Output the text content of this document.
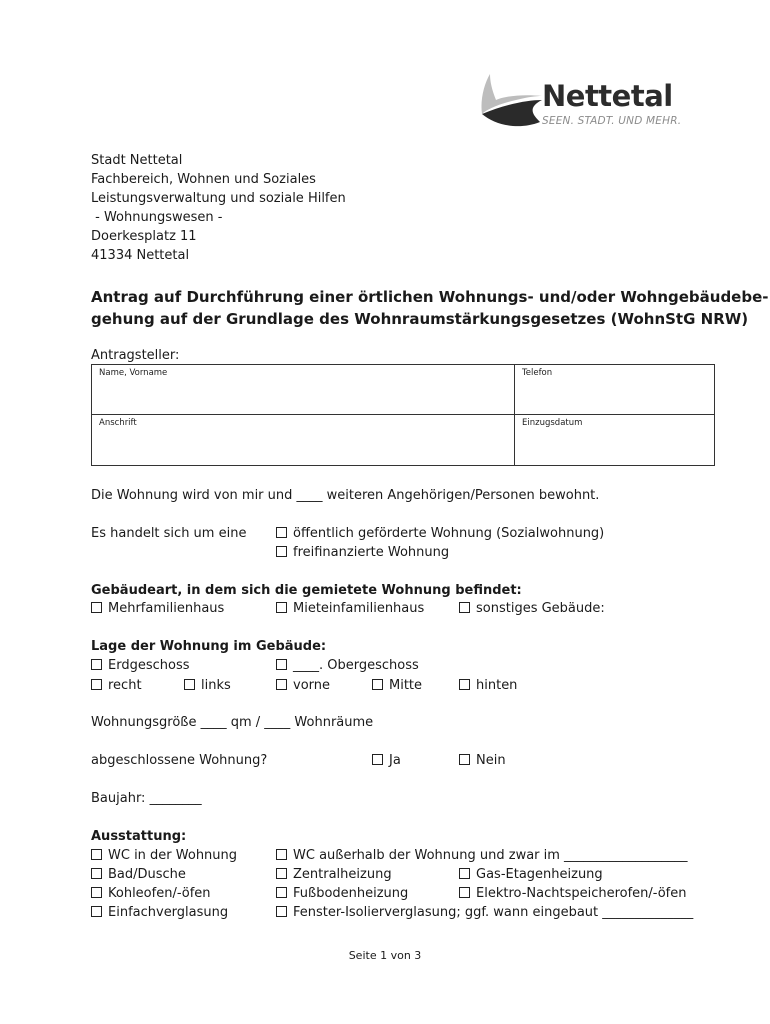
Nettetal
SEEN. STADT. UND MEHR.
Stadt Nettetal
Fachbereich, Wohnen und Soziales
Leistungsverwaltung und soziale Hilfen
- Wohnungswesen -
Doerkesplatz 11
41334 Nettetal
Antrag auf Durchführung einer örtlichen Wohnungs- und/oder Wohngebäudebe-
gehung auf der Grundlage des Wohnraumstärkungsgesetzes (WohnStG NRW)
Antragsteller:
Name, Vorname	Telefon
Anschrift	Einzugsdatum
Die Wohnung wird von mir und ____ weiteren Angehörigen/Personen bewohnt.
Es handelt sich um eine	öffentlich geförderte Wohnung (Sozialwohnung)
freifinanzierte Wohnung
Gebäudeart, in dem sich die gemietete Wohnung befindet:
Mehrfamilienhaus	Mieteinfamilienhaus	sonstiges Gebäude:
Lage der Wohnung im Gebäude:
Erdgeschoss	____. Obergeschoss
recht	links	vorne	Mitte	hinten
Wohnungsgröße ____ qm / ____ Wohnräume
abgeschlossene Wohnung?	Ja	Nein
Baujahr: ________
Ausstattung:
WC in der Wohnung	WC außerhalb der Wohnung und zwar im ___________________
Bad/Dusche	Zentralheizung	Gas-Etagenheizung
Kohleofen/-öfen	Fußbodenheizung	Elektro-Nachtspeicherofen/-öfen
Einfachverglasung	Fenster-Isolierverglasung; ggf. wann eingebaut ______________
Seite 1 von 3
